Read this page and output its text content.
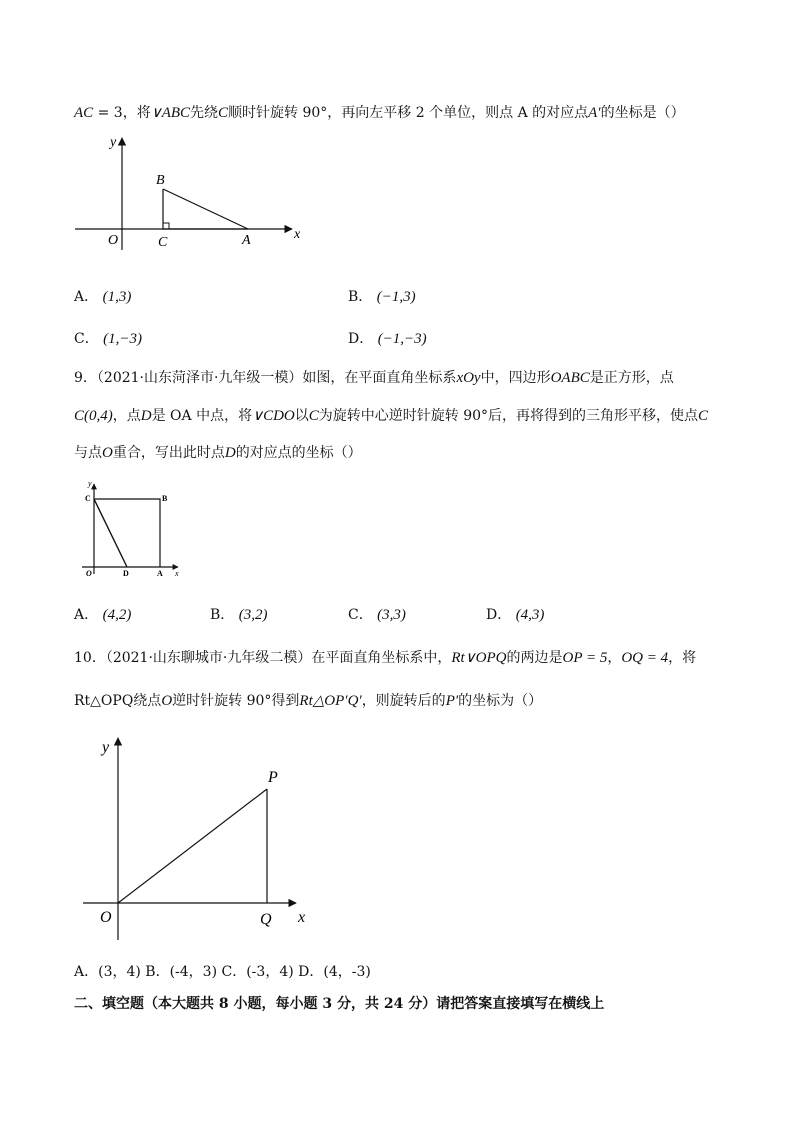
AC = 3，将∨ABC先绕C顺时针旋转 90°，再向左平移 2 个单位，则点 A 的对应点A′的坐标是（）
y
x
O
B
C	A
A． (1,3)	B． (−1,3)
C． (1,−3)	D． (−1,−3)
9．（2021·山东菏泽市·九年级一模）如图，在平面直角坐标系xOy中，四边形OABC是正方形，点
C(0,4)，点D是 OA 中点，将∨CDO以C为旋转中心逆时针旋转 90°后，再将得到的三角形平移，使点C
与点O重合，写出此时点D的对应点的坐标（）
y
C	B
O	D	A x
A． (4,2)	B． (3,2)	C． (3,3)	D． (4,3)
10．（2021·山东聊城市·九年级二模）在平面直角坐标系中，Rt∨OPQ的两边是OP = 5，OQ = 4，将
Rt△OPQ绕点O逆时针旋转 90°得到Rt△OP′Q′，则旋转后的P′的坐标为（）
y
x
O
P
Q
A．(3，4) B．(-4，3) C．(-3，4) D．(4，-3)
二、填空题（本大题共 8 小题，每小题 3 分，共 24 分）请把答案直接填写在横线上
